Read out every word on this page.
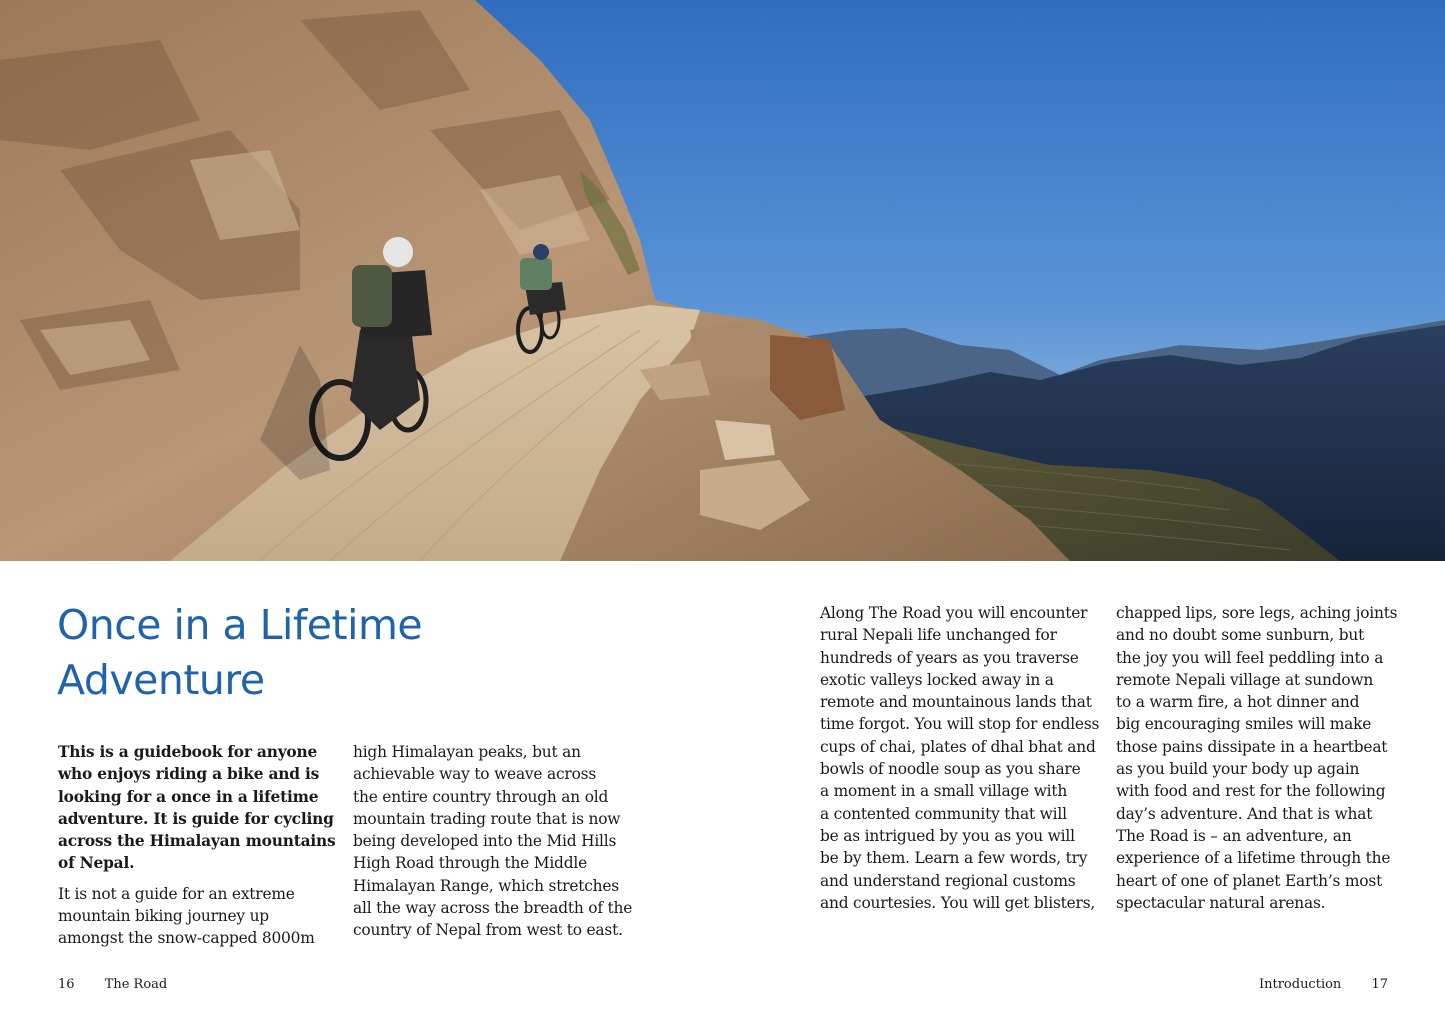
Once in a Lifetime
Adventure

This is a guidebook for anyone
who enjoys riding a bike and is
looking for a once in a lifetime
adventure. It is guide for cycling
across the Himalayan mountains
of Nepal.

It is not a guide for an extreme
mountain biking journey up
amongst the snow-capped 8000m

high Himalayan peaks, but an
achievable way to weave across
the entire country through an old
mountain trading route that is now
being developed into the Mid Hills
High Road through the Middle
Himalayan Range, which stretches
all the way across the breadth of the
country of Nepal from west to east.

Along The Road you will encounter
rural Nepali life unchanged for
hundreds of years as you traverse
exotic valleys locked away in a
remote and mountainous lands that
time forgot. You will stop for endless
cups of chai, plates of dhal bhat and
bowls of noodle soup as you share
a moment in a small village with
a contented community that will
be as intrigued by you as you will
be by them. Learn a few words, try
and understand regional customs
and courtesies. You will get blisters,

chapped lips, sore legs, aching joints
and no doubt some sunburn, but
the joy you will feel peddling into a
remote Nepali village at sundown
to a warm fire, a hot dinner and
big encouraging smiles will make
those pains dissipate in a heartbeat
as you build your body up again
with food and rest for the following
day’s adventure. And that is what
The Road is – an adventure, an
experience of a lifetime through the
heart of one of planet Earth’s most
spectacular natural arenas.

16 The Road	Introduction 17
